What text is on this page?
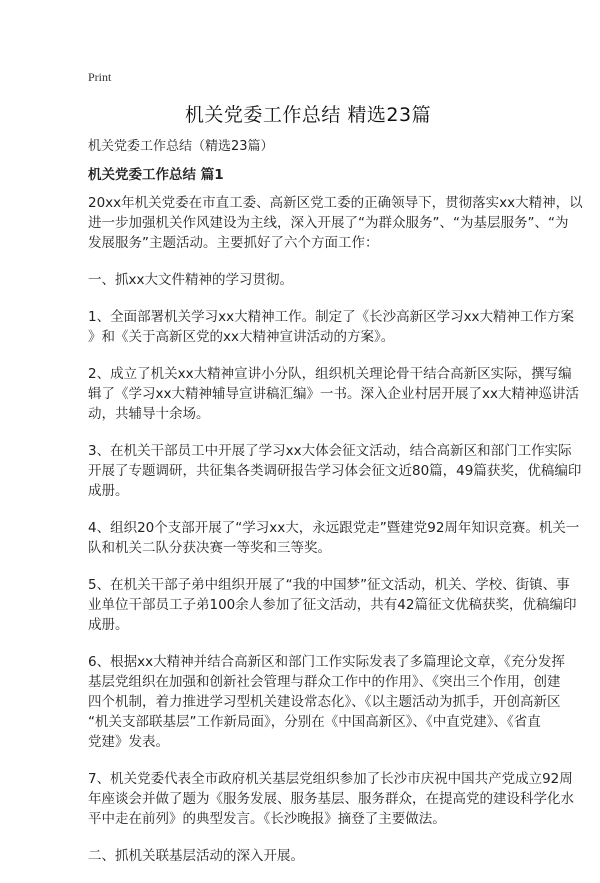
Print
机关党委工作总结 精选23篇
机关党委工作总结（精选23篇）
机关党委工作总结 篇1
20xx年机关党委在市直工委、高新区党工委的正确领导下，贯彻落实xx大精神，以
进一步加强机关作风建设为主线，深入开展了“为群众服务”、“为基层服务”、“为
发展服务”主题活动。主要抓好了六个方面工作：
一、抓xx大文件精神的学习贯彻。
1、全面部署机关学习xx大精神工作。制定了《长沙高新区学习xx大精神工作方案
》和《关于高新区党的xx大精神宣讲活动的方案》。
2、成立了机关xx大精神宣讲小分队，组织机关理论骨干结合高新区实际，撰写编
辑了《学习xx大精神辅导宣讲稿汇编》一书。深入企业村居开展了xx大精神巡讲活
动，共辅导十余场。
3、在机关干部员工中开展了学习xx大体会征文活动，结合高新区和部门工作实际
开展了专题调研，共征集各类调研报告学习体会征文近80篇，49篇获奖，优稿编印
成册。
4、组织20个支部开展了“学习xx大，永远跟党走”暨建党92周年知识竞赛。机关一
队和机关二队分获决赛一等奖和三等奖。
5、在机关干部子弟中组织开展了“我的中国梦”征文活动，机关、学校、街镇、事
业单位干部员工子弟100余人参加了征文活动，共有42篇征文优稿获奖，优稿编印
成册。
6、根据xx大精神并结合高新区和部门工作实际发表了多篇理论文章，《充分发挥
基层党组织在加强和创新社会管理与群众工作中的作用》、《突出三个作用，创建
四个机制，着力推进学习型机关建设常态化》、《以主题活动为抓手，开创高新区
“机关支部联基层”工作新局面》，分别在《中国高新区》、《中直党建》、《省直
党建》发表。
7、机关党委代表全市政府机关基层党组织参加了长沙市庆祝中国共产党成立92周
年座谈会并做了题为《服务发展、服务基层、服务群众，在提高党的建设科学化水
平中走在前列》的典型发言。《长沙晚报》摘登了主要做法。
二、抓机关联基层活动的深入开展。
